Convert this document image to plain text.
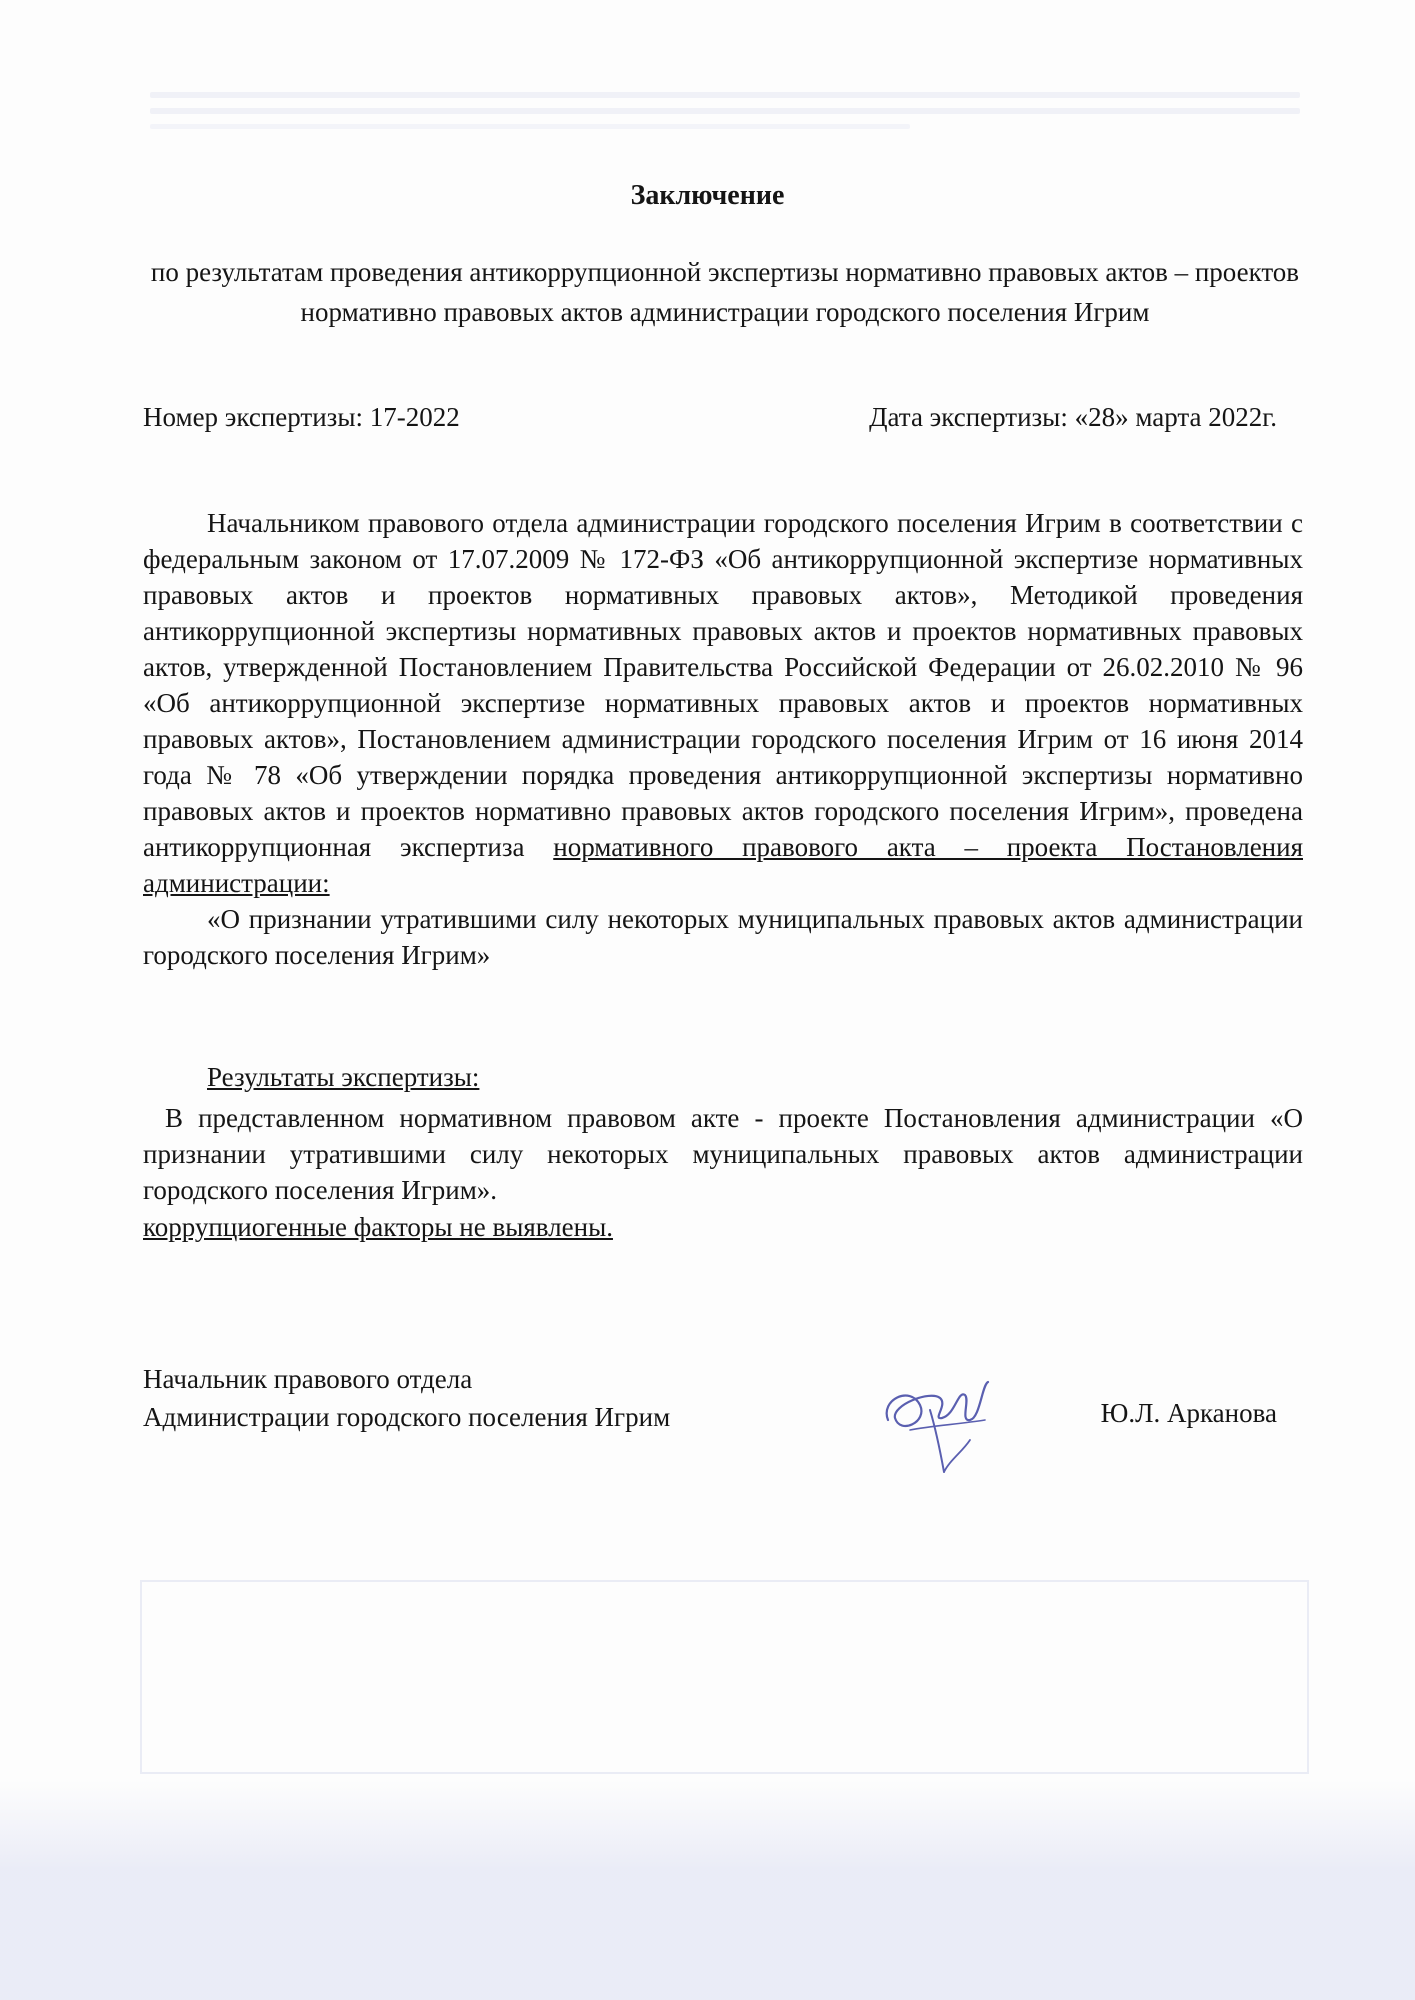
Заключение
по результатам проведения антикоррупционной экспертизы нормативно правовых актов – проектов нормативно правовых актов администрации городского поселения Игрим
Номер экспертизы: 17-2022	Дата экспертизы: «28» марта 2022г.

Начальником правового отдела администрации городского поселения Игрим в соответствии с федеральным законом от 17.07.2009 № 172-ФЗ «Об антикоррупционной экспертизе нормативных правовых актов и проектов нормативных правовых актов», Методикой проведения антикоррупционной экспертизы нормативных правовых актов и проектов нормативных правовых актов, утвержденной Постановлением Правительства Российской Федерации от 26.02.2010 № 96 «Об антикоррупционной экспертизе нормативных правовых актов и проектов нормативных правовых актов», Постановлением администрации городского поселения Игрим от 16 июня 2014 года № 78 «Об утверждении порядка проведения антикоррупционной экспертизы нормативно правовых актов и проектов нормативно правовых актов городского поселения Игрим», проведена антикоррупционная экспертиза нормативного правового акта – проекта Постановления администрации:

«О признании утратившими силу некоторых муниципальных правовых актов администрации городского поселения Игрим»

Результаты экспертизы:

В представленном нормативном правовом акте - проекте Постановления администрации «О признании утратившими силу некоторых муниципальных правовых актов администрации городского поселения Игрим».

коррупциогенные факторы не выявлены.
Начальник правового отдела
Администрации городского поселения Игрим	Ю.Л. Арканова
